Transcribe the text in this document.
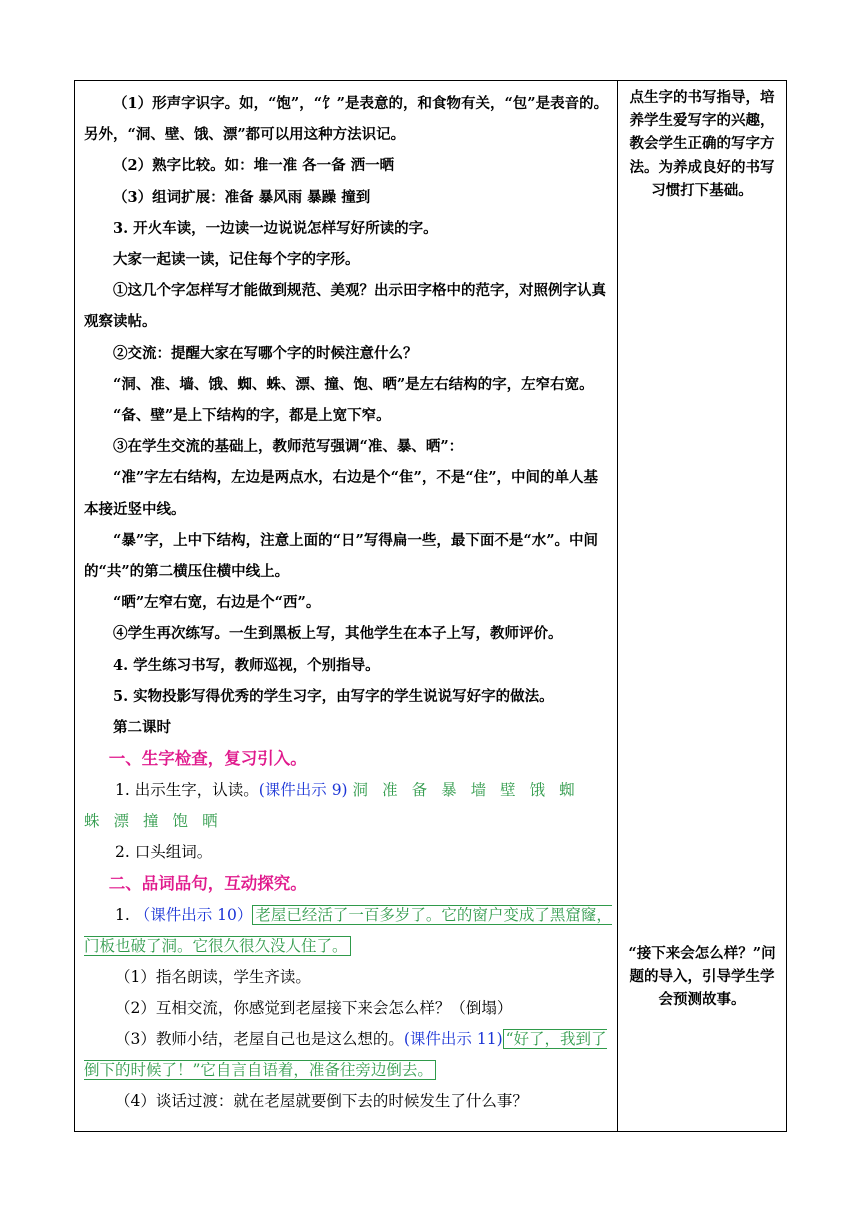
（1）形声字识字。如，“饱”，“饣”是表意的，和食物有关，“包”是表音的。另外，“洞、壁、饿、漂”都可以用这种方法识记。

（2）熟字比较。如：堆一准 各一备 洒一晒

（3）组词扩展：准备 暴风雨 暴躁 撞到

3. 开火车读，一边读一边说说怎样写好所读的字。

大家一起读一读，记住每个字的字形。

①这几个字怎样写才能做到规范、美观？出示田字格中的范字，对照例字认真观察读帖。

②交流：提醒大家在写哪个字的时候注意什么？

“洞、准、墙、饿、蜘、蛛、漂、撞、饱、晒”是左右结构的字，左窄右宽。

“备、壁”是上下结构的字，都是上宽下窄。

③在学生交流的基础上，教师范写强调“准、暴、晒”：

“准”字左右结构，左边是两点水，右边是个“隹”，不是“住”，中间的单人基本接近竖中线。

“暴”字，上中下结构，注意上面的“日”写得扁一些，最下面不是“水”。中间的“共”的第二横压住横中线上。

“晒”左窄右宽，右边是个“西”。

④学生再次练写。一生到黑板上写，其他学生在本子上写，教师评价。

4. 学生练习书写，教师巡视，个别指导。

5. 实物投影写得优秀的学生习字，由写字的学生说说写好字的做法。

第二课时

一、生字检查，复习引入。

1. 出示生字，认读。(课件出示 9) 洞 准 备 暴 墙 壁 饿 蜘蛛 漂 撞 饱 晒

2. 口头组词。

二、品词品句，互动探究。

1. （课件出示 10） 老屋已经活了一百多岁了。它的窗户变成了黑窟窿，门板也破了洞。它很久很久没人住了。

（1）指名朗读，学生齐读。

（2）互相交流，你感觉到老屋接下来会怎么样？（倒塌）

（3）教师小结，老屋自己也是这么想的。(课件出示 11) “好了，我到了倒下的时候了！”它自言自语着，准备往旁边倒去。

（4）谈话过渡：就在老屋就要倒下去的时候发生了什么事？

点生字的书写指导，培养学生爱写字的兴趣，教会学生正确的写字方法。为养成良好的书写习惯打下基础。
“接下来会怎么样？”问题的导入，引导学生学会预测故事。
